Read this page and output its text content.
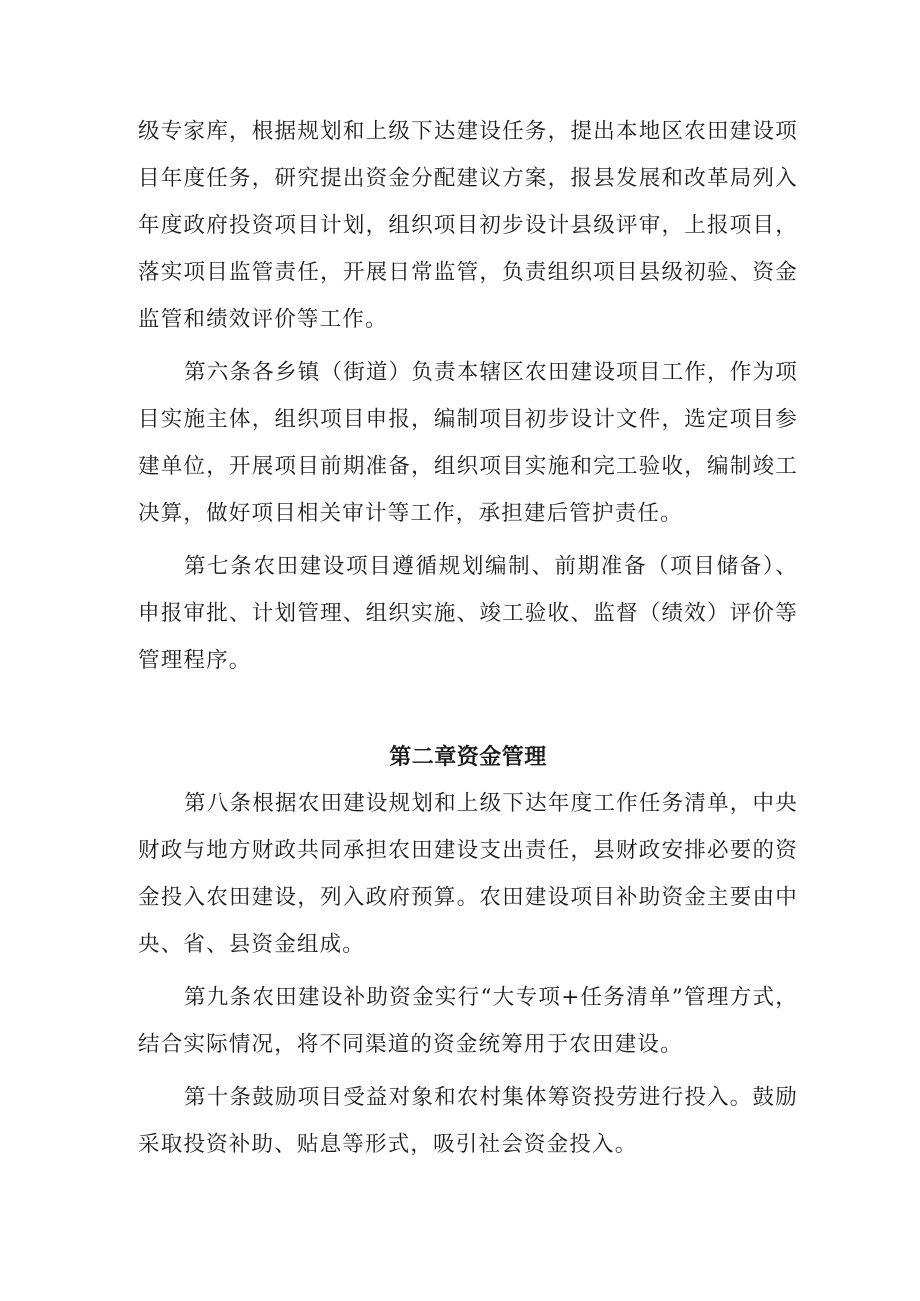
级专家库，根据规划和上级下达建设任务，提出本地区农田建设项目年度任务，研究提出资金分配建议方案，报县发展和改革局列入年度政府投资项目计划，组织项目初步设计县级评审，上报项目，落实项目监管责任，开展日常监管，负责组织项目县级初验、资金监管和绩效评价等工作。

第六条各乡镇（街道）负责本辖区农田建设项目工作，作为项目实施主体，组织项目申报，编制项目初步设计文件，选定项目参建单位，开展项目前期准备，组织项目实施和完工验收，编制竣工决算，做好项目相关审计等工作，承担建后管护责任。

第七条农田建设项目遵循规划编制、前期准备（项目储备）、申报审批、计划管理、组织实施、竣工验收、监督（绩效）评价等管理程序。

第二章资金管理

第八条根据农田建设规划和上级下达年度工作任务清单，中央财政与地方财政共同承担农田建设支出责任，县财政安排必要的资金投入农田建设，列入政府预算。农田建设项目补助资金主要由中央、省、县资金组成。

第九条农田建设补助资金实行“大专项+任务清单”管理方式，结合实际情况，将不同渠道的资金统筹用于农田建设。

第十条鼓励项目受益对象和农村集体筹资投劳进行投入。鼓励采取投资补助、贴息等形式，吸引社会资金投入。
